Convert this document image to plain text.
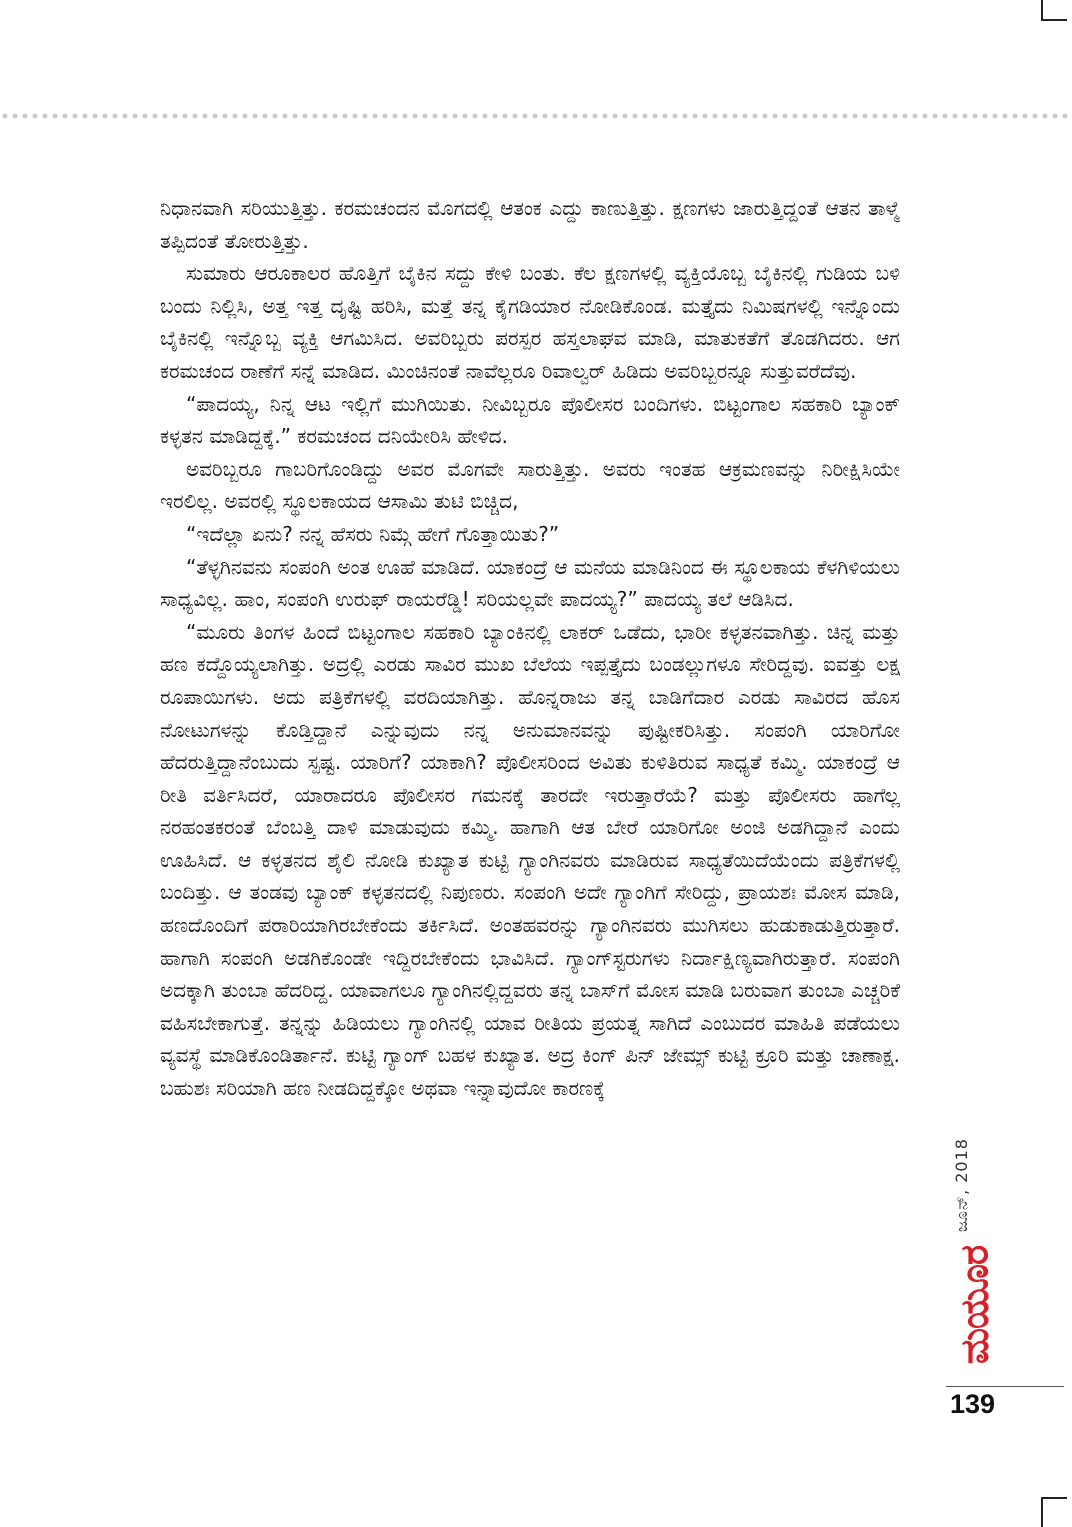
ನಿಧಾನವಾಗಿ ಸರಿಯುತ್ತಿತ್ತು. ಕರಮಚಂದನ ಮೊಗದಲ್ಲಿ ಆತಂಕ ಎದ್ದು ಕಾಣುತ್ತಿತ್ತು. ಕ್ಷಣಗಳು ಜಾರುತ್ತಿದ್ದಂತೆ ಆತನ ತಾಳ್ಮೆ ತಪ್ಪಿದಂತೆ ತೋರುತ್ತಿತ್ತು.

ಸುಮಾರು ಆರೂಕಾಲರ ಹೊತ್ತಿಗೆ ಬೈಕಿನ ಸದ್ದು ಕೇಳಿ ಬಂತು. ಕೆಲ ಕ್ಷಣಗಳಲ್ಲಿ ವ್ಯಕ್ತಿಯೊಬ್ಬ ಬೈಕಿನಲ್ಲಿ ಗುಡಿಯ ಬಳಿ ಬಂದು ನಿಲ್ಲಿಸಿ, ಅತ್ತ ಇತ್ತ ದೃಷ್ಟಿ ಹರಿಸಿ, ಮತ್ತೆ ತನ್ನ ಕೈಗಡಿಯಾರ ನೋಡಿಕೊಂಡ. ಮತ್ತೈದು ನಿಮಿಷಗಳಲ್ಲಿ ಇನ್ನೊಂದು ಬೈಕಿನಲ್ಲಿ ಇನ್ನೊಬ್ಬ ವ್ಯಕ್ತಿ ಆಗಮಿಸಿದ. ಅವರಿಬ್ಬರು ಪರಸ್ಪರ ಹಸ್ತಲಾಘವ ಮಾಡಿ, ಮಾತುಕತೆಗೆ ತೊಡಗಿದರು. ಆಗ ಕರಮಚಂದ ರಾಣೆಗೆ ಸನ್ನೆ ಮಾಡಿದ. ಮಿಂಚಿನಂತೆ ನಾವೆಲ್ಲರೂ ರಿವಾಲ್ವರ್ ಹಿಡಿದು ಅವರಿಬ್ಬರನ್ನೂ ಸುತ್ತುವರೆದೆವು.

“ಪಾದಯ್ಯ, ನಿನ್ನ ಆಟ ಇಲ್ಲಿಗೆ ಮುಗಿಯಿತು. ನೀವಿಬ್ಬರೂ ಪೊಲೀಸರ ಬಂದಿಗಳು. ಬಿಟ್ಟಂಗಾಲ ಸಹಕಾರಿ ಬ್ಯಾಂಕ್ ಕಳ್ಳತನ ಮಾಡಿದ್ದಕ್ಕೆ.” ಕರಮಚಂದ ದನಿಯೇರಿಸಿ ಹೇಳಿದ.

ಅವರಿಬ್ಬರೂ ಗಾಬರಿಗೊಂಡಿದ್ದು ಅವರ ಮೊಗವೇ ಸಾರುತ್ತಿತ್ತು. ಅವರು ಇಂತಹ ಆಕ್ರಮಣವನ್ನು ನಿರೀಕ್ಷಿಸಿಯೇ ಇರಲಿಲ್ಲ. ಅವರಲ್ಲಿ ಸ್ಥೂಲಕಾಯದ ಆಸಾಮಿ ತುಟಿ ಬಿಚ್ಚಿದ,

“ಇದೆಲ್ಲಾ ಏನು? ನನ್ನ ಹೆಸರು ನಿಮ್ಗೆ ಹೇಗೆ ಗೊತ್ತಾಯಿತು?”

“ತೆಳ್ಳಗಿನವನು ಸಂಪಂಗಿ ಅಂತ ಊಹೆ ಮಾಡಿದೆ. ಯಾಕಂದ್ರೆ ಆ ಮನೆಯ ಮಾಡಿನಿಂದ ಈ ಸ್ಥೂಲಕಾಯ ಕೆಳಗಿಳಿಯಲು ಸಾಧ್ಯವಿಲ್ಲ. ಹಾಂ, ಸಂಪಂಗಿ ಉರುಫ್ ರಾಯರೆಡ್ಡಿ! ಸರಿಯಲ್ಲವೇ ಪಾದಯ್ಯ?” ಪಾದಯ್ಯ ತಲೆ ಆಡಿಸಿದ.

“ಮೂರು ತಿಂಗಳ ಹಿಂದೆ ಬಿಟ್ಟಂಗಾಲ ಸಹಕಾರಿ ಬ್ಯಾಂಕಿನಲ್ಲಿ ಲಾಕರ್ ಒಡೆದು, ಭಾರೀ ಕಳ್ಳತನವಾಗಿತ್ತು. ಚಿನ್ನ ಮತ್ತು ಹಣ ಕದ್ದೊಯ್ಯಲಾಗಿತ್ತು. ಅದ್ರಲ್ಲಿ ಎರಡು ಸಾವಿರ ಮುಖ ಬೆಲೆಯ ಇಪ್ಪತ್ತೈದು ಬಂಡಲ್ಲುಗಳೂ ಸೇರಿದ್ದವು. ಐವತ್ತು ಲಕ್ಷ ರೂಪಾಯಿಗಳು. ಅದು ಪತ್ರಿಕೆಗಳಲ್ಲಿ ವರದಿಯಾಗಿತ್ತು. ಹೊನ್ನರಾಜು ತನ್ನ ಬಾಡಿಗೆದಾರ ಎರಡು ಸಾವಿರದ ಹೊಸ ನೋಟುಗಳನ್ನು ಕೊಡ್ತಿದ್ದಾನೆ ಎನ್ನುವುದು ನನ್ನ ಅನುಮಾನವನ್ನು ಪುಷ್ಟೀಕರಿಸಿತ್ತು. ಸಂಪಂಗಿ ಯಾರಿಗೋ ಹೆದರುತ್ತಿದ್ದಾನೆಂಬುದು ಸ್ಪಷ್ಟ. ಯಾರಿಗೆ? ಯಾಕಾಗಿ? ಪೊಲೀಸರಿಂದ ಅವಿತು ಕುಳಿತಿರುವ ಸಾಧ್ಯತೆ ಕಮ್ಮಿ. ಯಾಕಂದ್ರೆ ಆ ರೀತಿ ವರ್ತಿಸಿದರೆ, ಯಾರಾದರೂ ಪೊಲೀಸರ ಗಮನಕ್ಕೆ ತಾರದೇ ಇರುತ್ತಾರೆಯೆ? ಮತ್ತು ಪೊಲೀಸರು ಹಾಗೆಲ್ಲ ನರಹಂತಕರಂತೆ ಬೆಂಬತ್ತಿ ದಾಳಿ ಮಾಡುವುದು ಕಮ್ಮಿ. ಹಾಗಾಗಿ ಆತ ಬೇರೆ ಯಾರಿಗೋ ಅಂಜಿ ಅಡಗಿದ್ದಾನೆ ಎಂದು ಊಹಿಸಿದೆ. ಆ ಕಳ್ಳತನದ ಶೈಲಿ ನೋಡಿ ಕುಖ್ಯಾತ ಕುಟ್ಟಿ ಗ್ಯಾಂಗಿನವರು ಮಾಡಿರುವ ಸಾಧ್ಯತೆಯಿದೆಯೆಂದು ಪತ್ರಿಕೆಗಳಲ್ಲಿ ಬಂದಿತ್ತು. ಆ ತಂಡವು ಬ್ಯಾಂಕ್ ಕಳ್ಳತನದಲ್ಲಿ ನಿಪುಣರು. ಸಂಪಂಗಿ ಅದೇ ಗ್ಯಾಂಗಿಗೆ ಸೇರಿದ್ದು, ಪ್ರಾಯಶಃ ಮೋಸ ಮಾಡಿ, ಹಣದೊಂದಿಗೆ ಪರಾರಿಯಾಗಿರಬೇಕೆಂದು ತರ್ಕಿಸಿದೆ. ಅಂತಹವರನ್ನು ಗ್ಯಾಂಗಿನವರು ಮುಗಿಸಲು ಹುಡುಕಾಡುತ್ತಿರುತ್ತಾರೆ. ಹಾಗಾಗಿ ಸಂಪಂಗಿ ಅಡಗಿಕೊಂಡೇ ಇದ್ದಿರಬೇಕೆಂದು ಭಾವಿಸಿದೆ. ಗ್ಯಾಂಗ್‌ಸ್ಟರುಗಳು ನಿರ್ದಾಕ್ಷಿಣ್ಯವಾಗಿರುತ್ತಾರೆ. ಸಂಪಂಗಿ ಅದಕ್ಕಾಗಿ ತುಂಬಾ ಹೆದರಿದ್ದ. ಯಾವಾಗಲೂ ಗ್ಯಾಂಗಿನಲ್ಲಿದ್ದವರು ತನ್ನ ಬಾಸ್‌ಗೆ ಮೋಸ ಮಾಡಿ ಬರುವಾಗ ತುಂಬಾ ಎಚ್ಚರಿಕೆ ವಹಿಸಬೇಕಾಗುತ್ತೆ. ತನ್ನನ್ನು ಹಿಡಿಯಲು ಗ್ಯಾಂಗಿನಲ್ಲಿ ಯಾವ ರೀತಿಯ ಪ್ರಯತ್ನ ಸಾಗಿದೆ ಎಂಬುದರ ಮಾಹಿತಿ ಪಡೆಯಲು ವ್ಯವಸ್ಥೆ ಮಾಡಿಕೊಂಡಿರ್ತಾನೆ. ಕುಟ್ಟಿ ಗ್ಯಾಂಗ್ ಬಹಳ ಕುಖ್ಯಾತ. ಅದ್ರ ಕಿಂಗ್ ಪಿನ್ ಜೇಮ್ಸ್ ಕುಟ್ಟಿ ಕ್ರೂರಿ ಮತ್ತು ಚಾಣಾಕ್ಷ. ಬಹುಶಃ ಸರಿಯಾಗಿ ಹಣ ನೀಡದಿದ್ದಕ್ಕೋ ಅಥವಾ ಇನ್ನಾವುದೋ ಕಾರಣಕ್ಕೆ

ಜೂನ್, 2018
ಮಯೂರ
139
